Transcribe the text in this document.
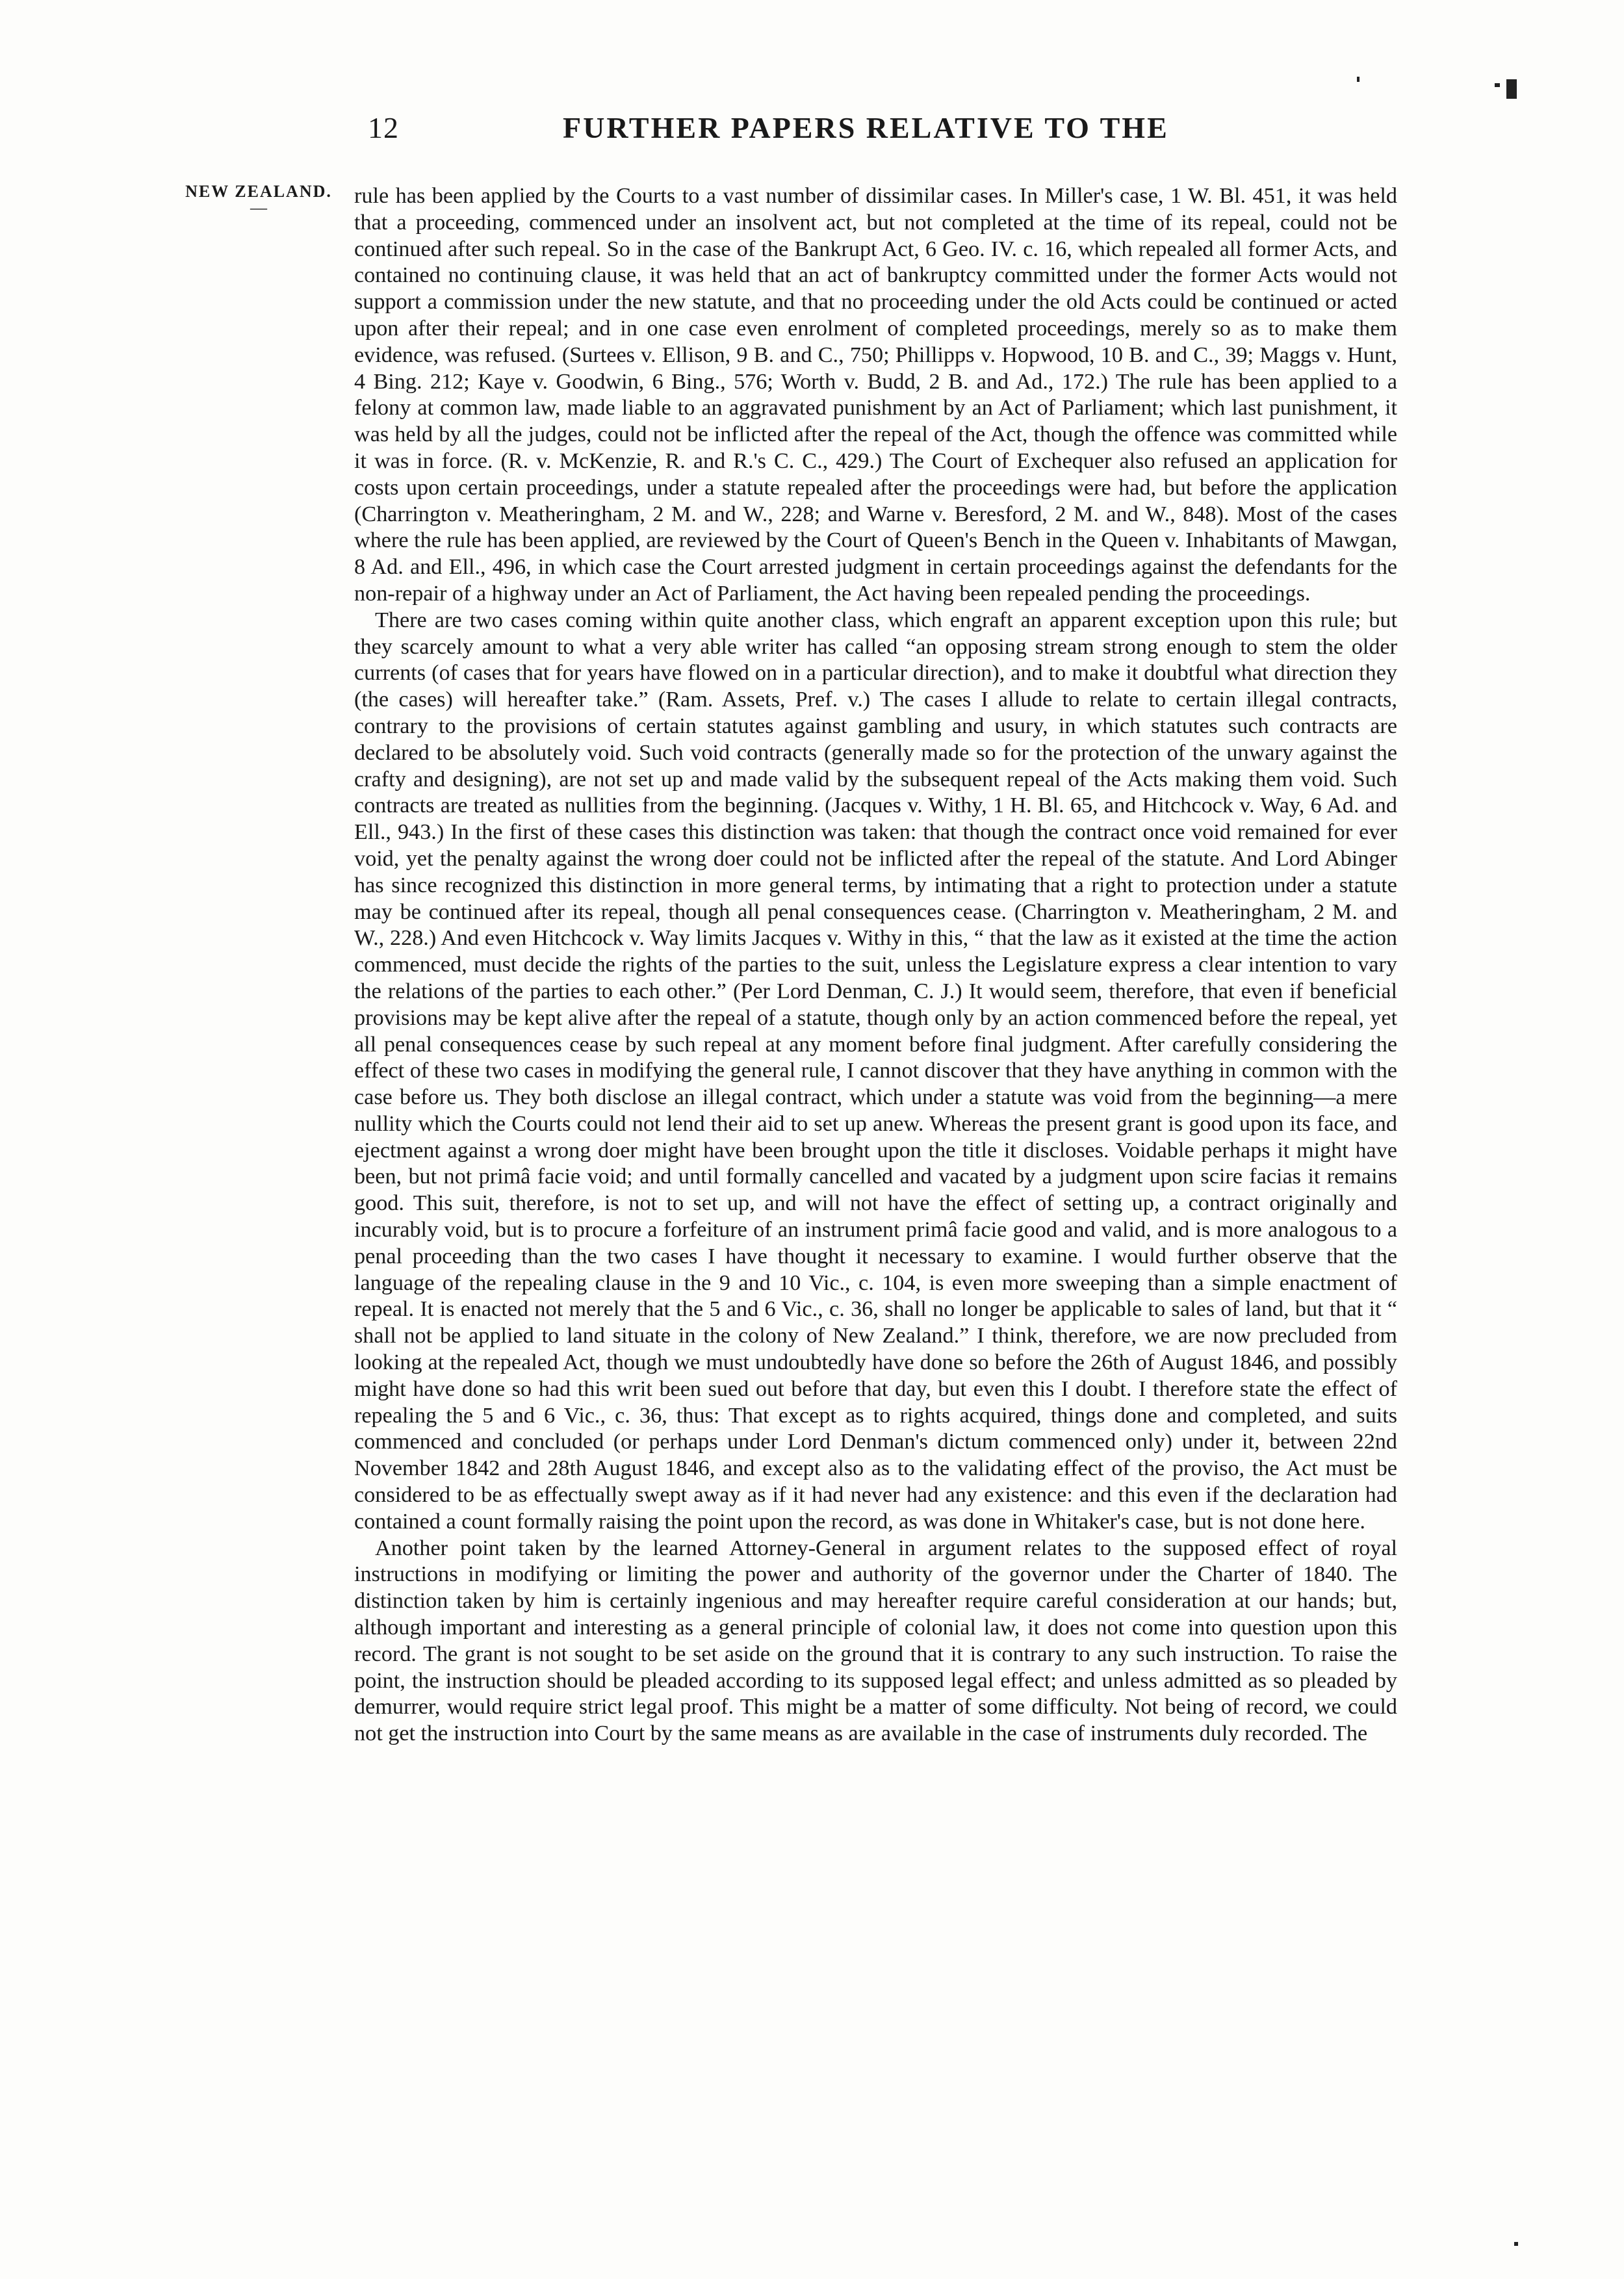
12	FURTHER PAPERS RELATIVE TO THE
NEW ZEALAND.
—	rule has been applied by the Courts to a vast number of dissimilar cases. In Miller's case, 1 W. Bl. 451, it was held that a proceeding, commenced under an insolvent act, but not completed at the time of its repeal, could not be continued after such repeal. So in the case of the Bankrupt Act, 6 Geo. IV. c. 16, which repealed all former Acts, and contained no continuing clause, it was held that an act of bankruptcy committed under the former Acts would not support a commission under the new statute, and that no proceeding under the old Acts could be continued or acted upon after their repeal; and in one case even enrolment of completed proceedings, merely so as to make them evidence, was refused. (Surtees v. Ellison, 9 B. and C., 750; Phillipps v. Hopwood, 10 B. and C., 39; Maggs v. Hunt, 4 Bing. 212; Kaye v. Goodwin, 6 Bing., 576; Worth v. Budd, 2 B. and Ad., 172.) The rule has been applied to a felony at common law, made liable to an aggravated punishment by an Act of Parliament; which last punishment, it was held by all the judges, could not be inflicted after the repeal of the Act, though the offence was committed while it was in force. (R. v. McKenzie, R. and R.'s C. C., 429.) The Court of Exchequer also refused an application for costs upon certain proceedings, under a statute repealed after the proceedings were had, but before the application (Charrington v. Meatheringham, 2 M. and W., 228; and Warne v. Beresford, 2 M. and W., 848). Most of the cases where the rule has been applied, are reviewed by the Court of Queen's Bench in the Queen v. Inhabitants of Mawgan, 8 Ad. and Ell., 496, in which case the Court arrested judgment in certain proceedings against the defendants for the non-repair of a highway under an Act of Parliament, the Act having been repealed pending the proceedings.

There are two cases coming within quite another class, which engraft an apparent exception upon this rule; but they scarcely amount to what a very able writer has called “an opposing stream strong enough to stem the older currents (of cases that for years have flowed on in a particular direction), and to make it doubtful what direction they (the cases) will hereafter take.” (Ram. Assets, Pref. v.) The cases I allude to relate to certain illegal contracts, contrary to the provisions of certain statutes against gambling and usury, in which statutes such contracts are declared to be absolutely void. Such void contracts (generally made so for the protection of the unwary against the crafty and designing), are not set up and made valid by the subsequent repeal of the Acts making them void. Such contracts are treated as nullities from the beginning. (Jacques v. Withy, 1 H. Bl. 65, and Hitchcock v. Way, 6 Ad. and Ell., 943.) In the first of these cases this distinction was taken: that though the contract once void remained for ever void, yet the penalty against the wrong doer could not be inflicted after the repeal of the statute. And Lord Abinger has since recognized this distinction in more general terms, by intimating that a right to protection under a statute may be continued after its repeal, though all penal consequences cease. (Charrington v. Meatheringham, 2 M. and W., 228.) And even Hitchcock v. Way limits Jacques v. Withy in this, “ that the law as it existed at the time the action commenced, must decide the rights of the parties to the suit, unless the Legislature express a clear intention to vary the relations of the parties to each other.” (Per Lord Denman, C. J.) It would seem, therefore, that even if beneficial provisions may be kept alive after the repeal of a statute, though only by an action commenced before the repeal, yet all penal consequences cease by such repeal at any moment before final judgment. After carefully considering the effect of these two cases in modifying the general rule, I cannot discover that they have anything in common with the case before us. They both disclose an illegal contract, which under a statute was void from the beginning—a mere nullity which the Courts could not lend their aid to set up anew. Whereas the present grant is good upon its face, and ejectment against a wrong doer might have been brought upon the title it discloses. Voidable perhaps it might have been, but not primâ facie void; and until formally cancelled and vacated by a judgment upon scire facias it remains good. This suit, therefore, is not to set up, and will not have the effect of setting up, a contract originally and incurably void, but is to procure a forfeiture of an instrument primâ facie good and valid, and is more analogous to a penal proceeding than the two cases I have thought it necessary to examine. I would further observe that the language of the repealing clause in the 9 and 10 Vic., c. 104, is even more sweeping than a simple enactment of repeal. It is enacted not merely that the 5 and 6 Vic., c. 36, shall no longer be applicable to sales of land, but that it “ shall not be applied to land situate in the colony of New Zealand.” I think, therefore, we are now precluded from looking at the repealed Act, though we must undoubtedly have done so before the 26th of August 1846, and possibly might have done so had this writ been sued out before that day, but even this I doubt. I therefore state the effect of repealing the 5 and 6 Vic., c. 36, thus: That except as to rights acquired, things done and completed, and suits commenced and concluded (or perhaps under Lord Denman's dictum commenced only) under it, between 22nd November 1842 and 28th August 1846, and except also as to the validating effect of the proviso, the Act must be considered to be as effectually swept away as if it had never had any existence: and this even if the declaration had contained a count formally raising the point upon the record, as was done in Whitaker's case, but is not done here.

Another point taken by the learned Attorney-General in argument relates to the supposed effect of royal instructions in modifying or limiting the power and authority of the governor under the Charter of 1840. The distinction taken by him is certainly ingenious and may hereafter require careful consideration at our hands; but, although important and interesting as a general principle of colonial law, it does not come into question upon this record. The grant is not sought to be set aside on the ground that it is contrary to any such instruction. To raise the point, the instruction should be pleaded according to its supposed legal effect; and unless admitted as so pleaded by demurrer, would require strict legal proof. This might be a matter of some difficulty. Not being of record, we could not get the instruction into Court by the same means as are available in the case of instruments duly recorded. The
